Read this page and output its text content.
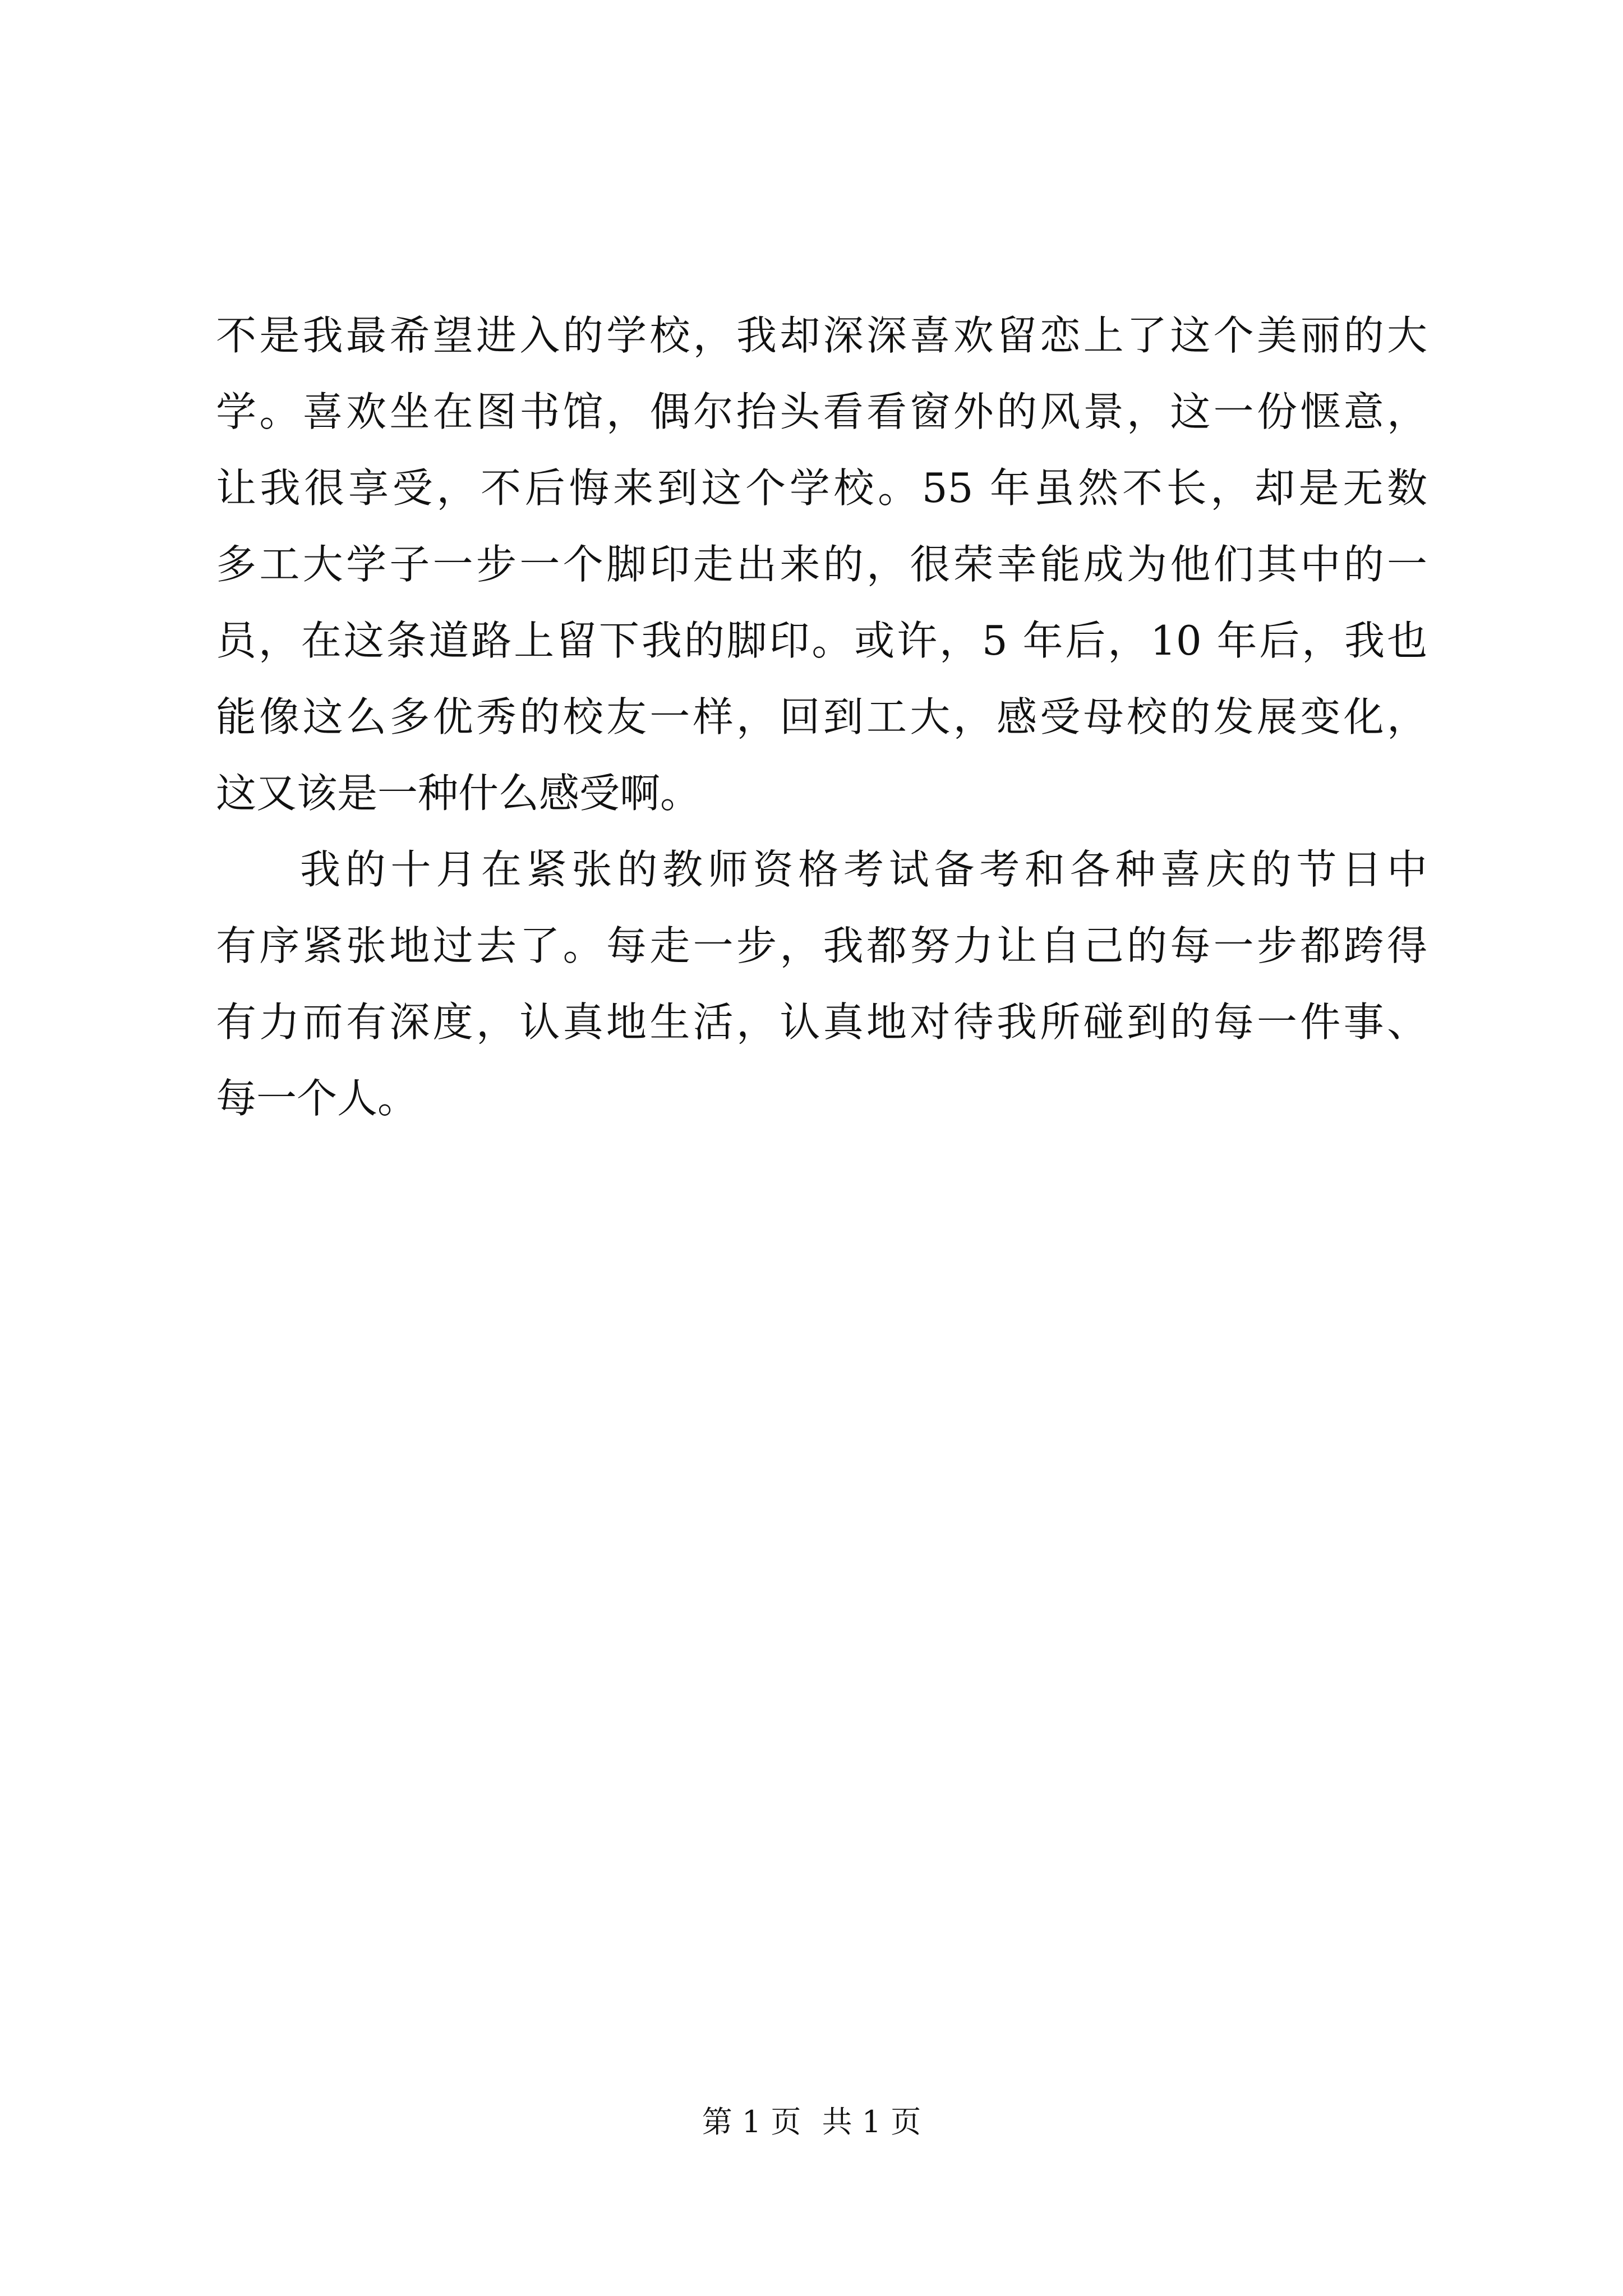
不是我最希望进入的学校，我却深深喜欢留恋上了这个美丽的大
学。喜欢坐在图书馆，偶尔抬头看看窗外的风景，这一份惬意，
让我很享受，不后悔来到这个学校。55 年虽然不长，却是无数
多工大学子一步一个脚印走出来的，很荣幸能成为他们其中的一
员，在这条道路上留下我的脚印。或许，5 年后，10 年后，我也
能像这么多优秀的校友一样，回到工大，感受母校的发展变化，
这又该是一种什么感受啊。
我的十月在紧张的教师资格考试备考和各种喜庆的节日中
有序紧张地过去了。每走一步，我都努力让自己的每一步都跨得
有力而有深度，认真地生活，认真地对待我所碰到的每一件事、
每一个人。
第 1 页 共 1 页
